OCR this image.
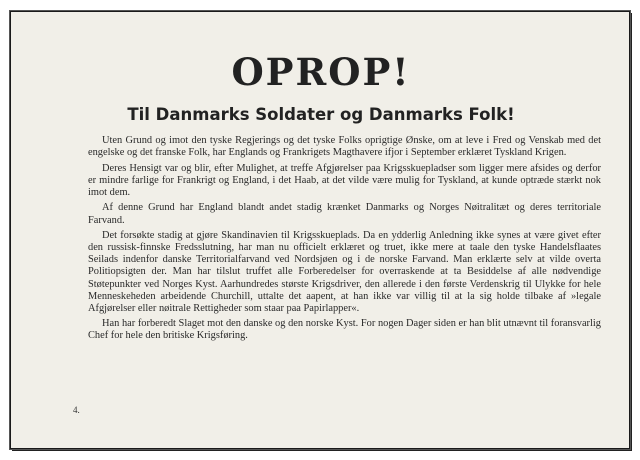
OPROP!
Til Danmarks Soldater og Danmarks Folk!

Uten Grund og imot den tyske Regjerings og det tyske Folks oprigtige Ønske, om at leve i Fred og Venskab med det engelske og det franske Folk, har Englands og Frankrigets Magthavere ifjor i September erklæret Tyskland Krigen.

Deres Hensigt var og blir, efter Mulighet, at treffe Afgjørelser paa Krigsskuepladser som ligger mere afsides og derfor er mindre farlige for Frankrigt og England, i det Haab, at det vilde være mulig for Tyskland, at kunde optræde stærkt nok imot dem.

Af denne Grund har England blandt andet stadig krænket Danmarks og Norges Nøitralitæt og deres territoriale Farvand.

Det forsøkte stadig at gjøre Skandinavien til Krigsskueplads. Da en ydderlig Anledning ikke synes at være givet efter den russisk-finnske Fredsslutning, har man nu officielt erklæret og truet, ikke mere at taale den tyske Handelsflaates Seilads indenfor danske Territorialfarvand ved Nordsjøen og i de norske Farvand. Man erklærte selv at vilde overta Politiopsigten der. Man har tilslut truffet alle Forberedelser for overraskende at ta Besiddelse af alle nødvendige Støtepunkter ved Norges Kyst. Aarhundredes største Krigsdriver, den allerede i den første Verdenskrig til Ulykke for hele Menneskeheden arbeidende Churchill, uttalte det aapent, at han ikke var villig til at la sig holde tilbake af »legale Afgjørelser eller nøitrale Rettigheder som staar paa Papirlapper«.

Han har forberedt Slaget mot den danske og den norske Kyst. For nogen Dager siden er han blit utnævnt til foransvarlig Chef for hele den britiske Krigsføring.

4.
